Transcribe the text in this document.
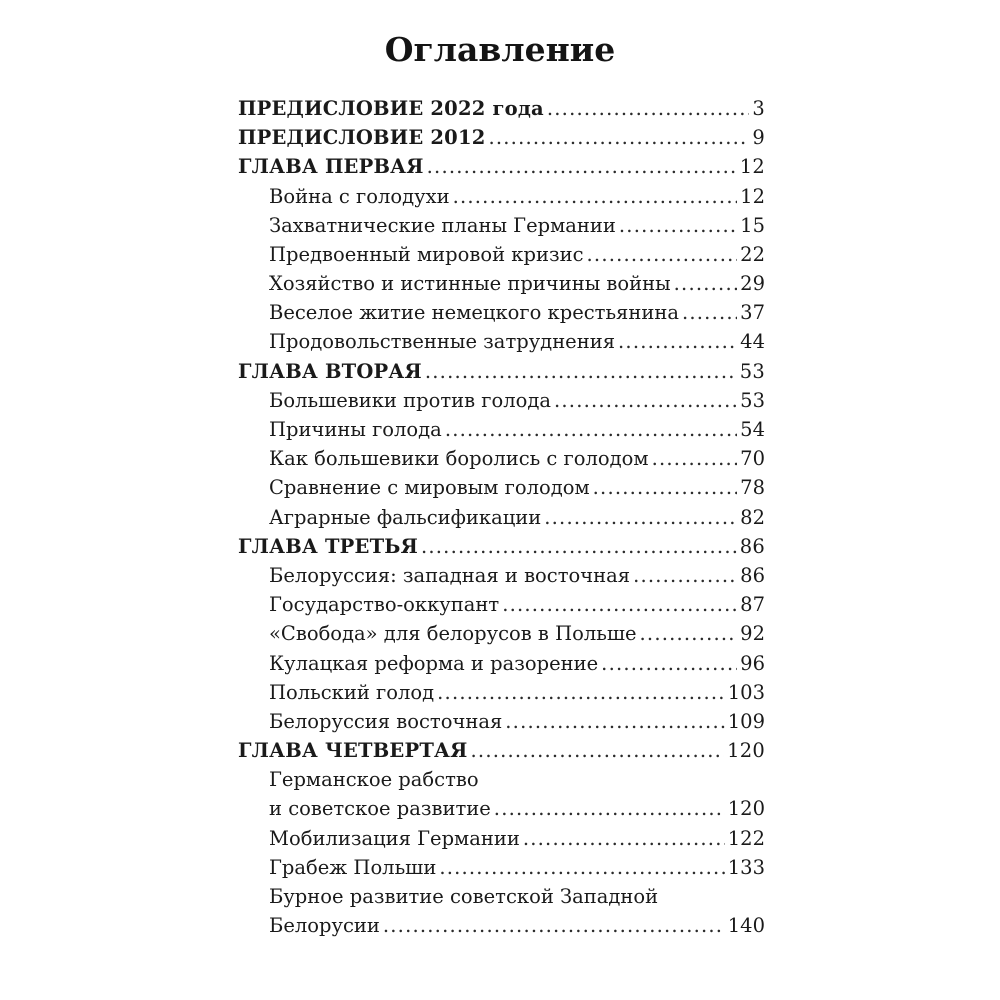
Оглавление
ПРЕДИСЛОВИЕ 2022 года .....	3
ПРЕДИСЛОВИЕ 2012 .....	9
ГЛАВА ПЕРВАЯ .....	12
Война с голодухи .....	12
Захватнические планы Германии .....	15
Предвоенный мировой кризис .....	22
Хозяйство и истинные причины войны .....	29
Веселое житие немецкого крестьянина .....	37
Продовольственные затруднения .....	44
ГЛАВА ВТОРАЯ .....	53
Большевики против голода .....	53
Причины голода .....	54
Как большевики боролись с голодом .....	70
Сравнение с мировым голодом .....	78
Аграрные фальсификации .....	82
ГЛАВА ТРЕТЬЯ .....	86
Белоруссия: западная и восточная .....	86
Государство-оккупант .....	87
«Свобода» для белорусов в Польше .....	92
Кулацкая реформа и разорение .....	96
Польский голод .....	103
Белоруссия восточная .....	109
ГЛАВА ЧЕТВЕРТАЯ .....	120
Германское рабство
и советское развитие .....	120
Мобилизация Германии .....	122
Грабеж Польши .....	133
Бурное развитие советской Западной
Белорусии .....	140
